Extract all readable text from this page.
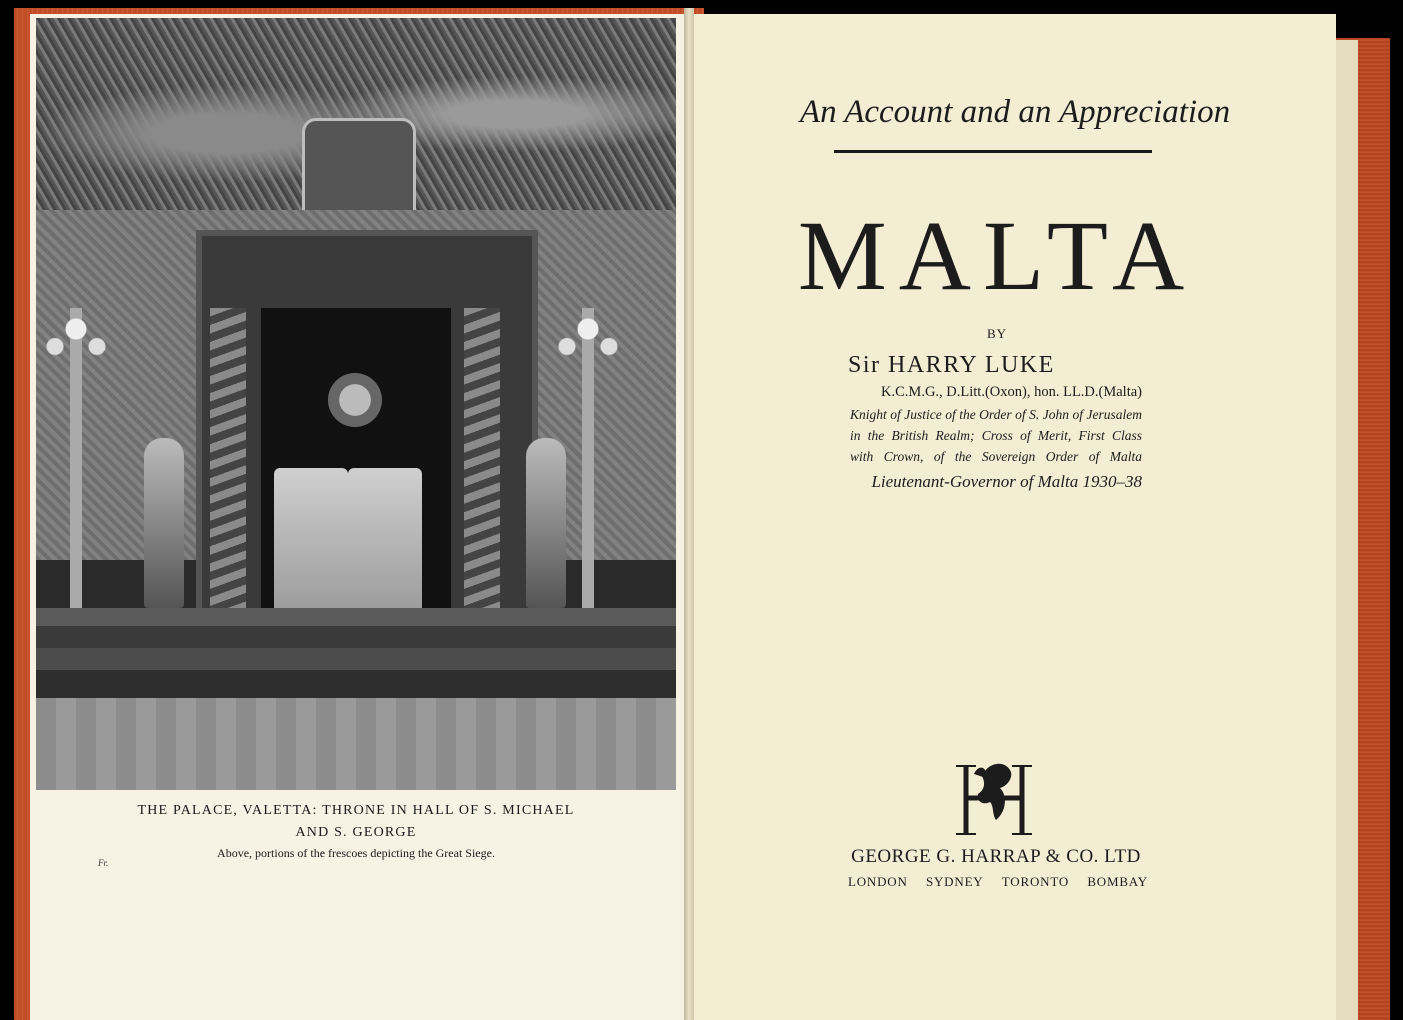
THE PALACE, VALETTA: THRONE IN HALL OF S. MICHAEL
AND S. GEORGE
Above, portions of the frescoes depicting the Great Siege.
Fr.
An Account and an Appreciation
MALTA
BY
Sir HARRY LUKE
K.C.M.G., D.Litt.(Oxon), hon. LL.D.(Malta)
Knight of Justice of the Order of S. John of Jerusalem
in the British Realm; Cross of Merit, First Class
with Crown, of the Sovereign Order of Malta
Lieutenant-Governor of Malta 1930–38
GEORGE G. HARRAP & CO. LTD
LONDON SYDNEY TORONTO BOMBAY
